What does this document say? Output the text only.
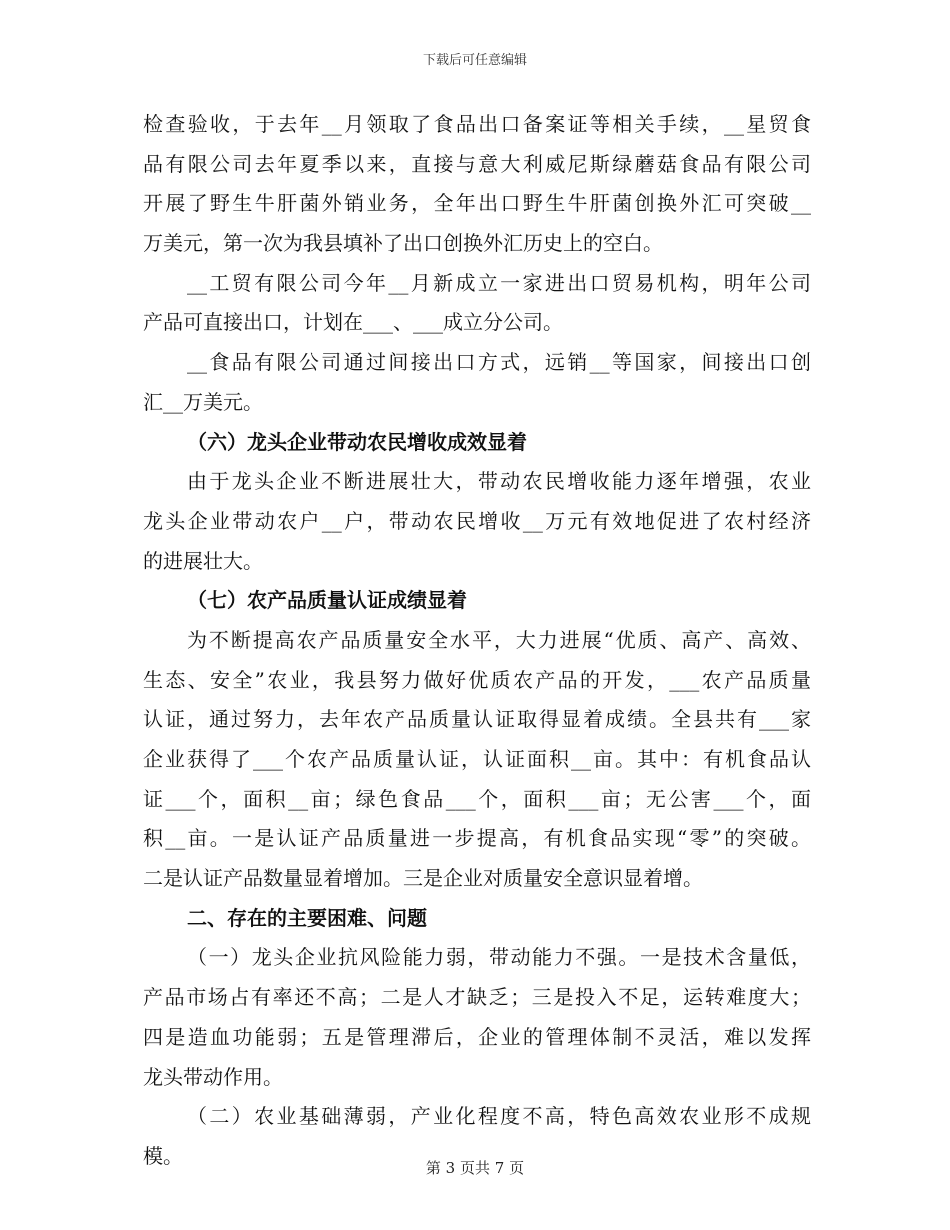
下载后可任意编辑
检查验收，于去年__月领取了食品出口备案证等相关手续，__星贸食
品有限公司去年夏季以来，直接与意大利威尼斯绿蘑菇食品有限公司
开展了野生牛肝菌外销业务，全年出口野生牛肝菌创换外汇可突破__
万美元，第一次为我县填补了出口创换外汇历史上的空白。
__工贸有限公司今年__月新成立一家进出口贸易机构，明年公司
产品可直接出口，计划在___、___成立分公司。
__食品有限公司通过间接出口方式，远销__等国家，间接出口创
汇__万美元。
（六）龙头企业带动农民增收成效显着
由于龙头企业不断进展壮大，带动农民增收能力逐年增强，农业
龙头企业带动农户__户，带动农民增收__万元有效地促进了农村经济
的进展壮大。
（七）农产品质量认证成绩显着
为不断提高农产品质量安全水平，大力进展“优质、高产、高效、
生态、安全”农业，我县努力做好优质农产品的开发，___农产品质量
认证，通过努力，去年农产品质量认证取得显着成绩。全县共有___家
企业获得了___个农产品质量认证，认证面积__亩。其中：有机食品认
证___个，面积__亩；绿色食品___个，面积___亩；无公害___个，面
积__亩。一是认证产品质量进一步提高，有机食品实现“零”的突破。
二是认证产品数量显着增加。三是企业对质量安全意识显着增。
二、存在的主要困难、问题
（一）龙头企业抗风险能力弱，带动能力不强。一是技术含量低，
产品市场占有率还不高；二是人才缺乏；三是投入不足，运转难度大；
四是造血功能弱；五是管理滞后，企业的管理体制不灵活，难以发挥
龙头带动作用。
（二）农业基础薄弱，产业化程度不高，特色高效农业形不成规
模。
第 3 页共 7 页
